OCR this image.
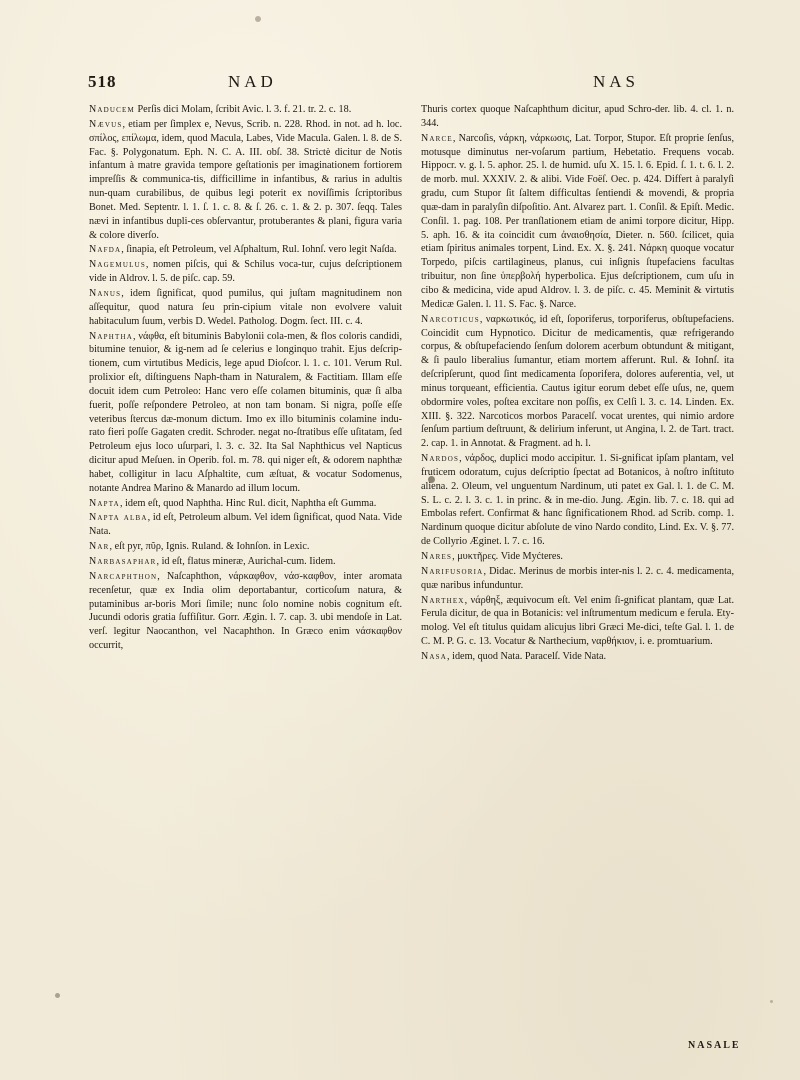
518	NAD	NAS

Naducem Perſis dici Molam, ſcribit Avic. l. 3. f. 21. tr. 2. c. 18.

Nævus, etiam per ſimplex e, Nevus, Scrib. n. 228. Rhod. in not. ad h. loc. σπίλος, επίλωμα, idem, quod Macula, Labes, Vide Macula. Galen. l. 8. de S. Fac. §. Polygonatum. Eph. N. C. A. III. obſ. 38. Strictè dicitur de Notis infantum à matre gravida tempore geſtationis per imaginationem fortiorem impreſſis & communica-tis, difficillime in infantibus, & rarius in adultis nun-quam curabilibus, de quibus legi poterit ex noviſſimis ſcriptoribus Bonet. Med. Septentr. l. 1. ſ. 1. c. 8. & ſ. 26. c. 1. & 2. p. 307. ſeqq. Tales nævi in infantibus dupli-ces obſervantur, protuberantes & plani, figura varia & colore diverſo.

Nafda, ſinapia, eſt Petroleum, vel Aſphaltum, Rul. Iohnſ. vero legit Naſda.

Nagemulus, nomen piſcis, qui & Schilus voca-tur, cujus deſcriptionem vide in Aldrov. l. 5. de piſc. cap. 59.

Nanus, idem ſignificat, quod pumilus, qui juſtam magnitudinem non aſſequitur, quod natura ſeu prin-cipium vitale non evolvere valuit habitaculum ſuum, verbis D. Wedel. Patholog. Dogm. ſect. III. c. 4.

Naphtha, νάφθα, eſt bituminis Babylonii cola-men, & flos coloris candidi, bitumine tenuior, & ig-nem ad ſe celerius e longinquo trahit. Ejus deſcrip-tionem, cum virtutibus Medicis, lege apud Dioſcor. l. 1. c. 101. Verum Rul. prolixior eſt, diſtinguens Naph-tham in Naturalem, & Factitiam. Illam eſſe docuit idem cum Petroleo: Hanc vero eſſe colamen bituminis, quæ ſi alba fuerit, poſſe reſpondere Petroleo, at non tam bonam. Si nigra, poſſe eſſe veteribus ſtercus dæ-monum dictum. Imo ex illo bituminis colamine indu-rato fieri poſſe Gagaten credit. Schroder. negat no-ſtratibus eſſe uſitatam, ſed Petroleum ejus loco uſurpari, l. 3. c. 32. Ita Sal Naphthicus vel Napticus dicitur apud Meſuen. in Operib. fol. m. 78. qui niger eſt, & odorem naphthæ habet, colligitur in lacu Aſphaltite, cum æſtuat, & vocatur Sodomenus, notante Andrea Marino & Manardo ad illum locum.

Napta, idem eſt, quod Naphtha. Hinc Rul. dicit, Naphtha eſt Gummа.

Napta alba, id eſt, Petroleum album. Vel idem ſignificat, quod Nata. Vide Nata.

Nar, eſt pyr, πῦρ, Ignis. Ruland. & Iohnſon. in Lexic.

Narbasaphar, id eſt, flatus mineræ, Aurichal-cum. Iidem.

Narcaphthon, Naſcaphthon, νάρκαφθον, νάσ-καφθον, inter aromata recenſetur, quæ ex India olim deportabantur, corticoſum natura, & putaminibus ar-boris Mori ſimile; nunc ſolo nomine nobis cognitum eſt. Jucundi odoris gratia ſuffiſitur. Gorr. Ægin. l. 7. cap. 3. ubi mendoſe in Lat. verſ. legitur Naocanthon, vel Nacaphthon. In Græco enim νάσκαφθον occurrit,

Thuris cortex quoque Naſcaphthum dicitur, apud Schro-der. lib. 4. cl. 1. n. 344.

Narce, Narcoſis, νάρκη, νάρκωσις, Lat. Torpor, Stupor. Eſt proprie ſenſus, motusque diminutus ner-voſarum partium, Hebetatio. Frequens vocab. Hippocr. v. g. l. 5. aphor. 25. l. de humid. uſu X. 15. l. 6. Epid. ſ. 1. t. 6. l. 2. de morb. mul. XXXIV. 2. & alibi. Vide Foëſ. Oec. p. 424. Differt à paralyſi gradu, cum Stupor ſit ſaltem difficultas ſentiendi & movendi, & propria quæ-dam in paralyſin diſpoſitio. Ant. Alvarez part. 1. Conſil. & Epiſt. Medic. Conſil. 1. pag. 108. Per tranſlationem etiam de animi torpore dicitur, Hipp. 5. aph. 16. & ita coincidit cum ἀναισθησία, Dieter. n. 560. ſcilicet, quia etiam ſpiritus animales torpent, Lind. Ex. X. §. 241. Νάρκη quoque vocatur Torpedo, piſcis cartilagineus, planus, cui inſignis ſtupefaciens facultas tribuitur, non ſine ὑπερβολή hyperbolica. Ejus deſcriptionem, cum uſu in cibo & medicina, vide apud Aldrov. l. 3. de piſc. c. 45. Meminit & virtutis Medicæ Galen. l. 11. S. Fac. §. Narce.

Narcoticus, ναρκωτικός, id eſt, ſoporiferus, torporiferus, obſtupefaciens. Coincidit cum Hypnotico. Dicitur de medicamentis, quæ refrigerando corpus, & obſtupefaciendo ſenſum dolorem acerbum obtundunt & mitigant, & ſi paulo liberalius ſumantur, etiam mortem afferunt. Rul. & Iohnſ. ita deſcripſerunt, quod ſint medicamenta ſoporifera, dolores auferentia, vel, ut minus torqueant, efficientia. Cautus igitur eorum debet eſſe uſus, ne, quem obdormire voles, poſtea excitare non poſſis, ex Celſi l. 3. c. 14. Linden. Ex. XIII. §. 322. Narcoticos morbos Paracelſ. vocat urentes, qui nimio ardore ſenſum partium deſtruunt, & delirium inferunt, ut Angina, l. 2. de Tart. tract. 2. cap. 1. in Annotat. & Fragment. ad h. l.

Nardos, νάρδος, duplici modo accipitur. 1. Si-gnificat ipſam plantam, vel fruticem odoratum, cujus deſcriptio ſpectat ad Botanicos, à noſtro inſtituto aliena. 2. Oleum, vel unguentum Nardinum, uti patet ex Gal. l. 1. de C. M. S. L. c. 2. l. 3. c. 1. in princ. & in me-dio. Jung. Ægin. lib. 7. c. 18. qui ad Embolas refert. Confirmat & hanc ſignificationem Rhod. ad Scrib. comp. 1. Nardinum quoque dicitur abſolute de vino Nardo condito, Lind. Ex. V. §. 77. de Collyrio Æginet. l. 7. c. 16.

Nares, μυκτῆρες. Vide Myćteres.

Narifusoria, Didac. Merinus de morbis inter-nis l. 2. c. 4. medicamenta, quæ naribus infunduntur.

Narthex, νάρθηξ, æquivocum eſt. Vel enim ſi-gnificat plantam, quæ Lat. Ferula dicitur, de qua in Botanicis: vel inſtrumentum medicum e ferula. Ety-molog. Vel eſt titulus quidam alicujus libri Græci Me-dici, teſte Gal. l. 1. de C. M. P. G. c. 13. Vocatur & Narthecium, ναρθήκιον, i. e. promtuarium.

Nasa, idem, quod Nata. Paracelſ. Vide Nata.

NASALE
